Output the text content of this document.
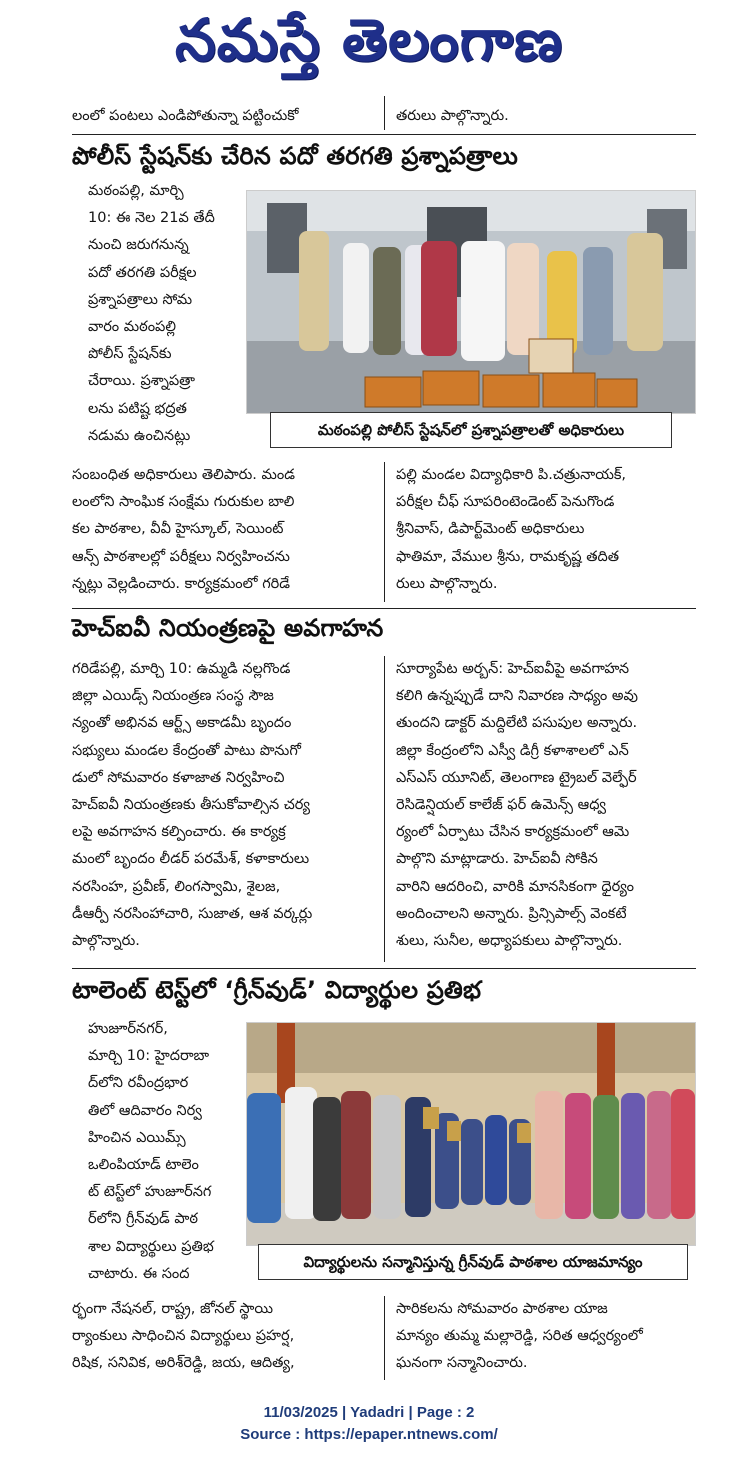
నమస్తే తెలంగాణ
లంలో పంటలు ఎండిపోతున్నా పట్టించుకో	తరులు పాల్గొన్నారు.
పోలీస్ స్టేషన్‌కు చేరిన పదో తరగతి ప్రశ్నాపత్రాలు
మఠంపల్లి, మార్చి
10: ఈ నెల 21వ తేదీ
నుంచి జరుగనున్న
పదో తరగతి పరీక్షల
ప్రశ్నాపత్రాలు సోమ
వారం మఠంపల్లి
పోలీస్ స్టేషన్‌కు
చేరాయి. ప్రశ్నాపత్రా
లను పటిష్ట భద్రత
నడుమ ఉంచినట్లు	మఠంపల్లి పోలీస్ స్టేషన్‌లో ప్రశ్నాపత్రాలతో అధికారులు
సంబంధిత అధికారులు తెలిపారు. మండ
లంలోని సాంఘిక సంక్షేమ గురుకుల బాలి
కల పాఠశాల, వీవీ హైస్కూల్, సెయింట్
ఆన్స్ పాఠశాలల్లో పరీక్షలు నిర్వహించను
న్నట్లు వెల్లడించారు. కార్యక్రమంలో గరిడే
పల్లి మండల విద్యాధికారి పి.చత్రునాయక్,
పరీక్షల చీఫ్ సూపరింటెండెంట్ పెనుగొండ
శ్రీనివాస్, డిపార్ట్‌మెంట్ అధికారులు
ఫాతిమా, వేముల శ్రీను, రామకృష్ణ తదిత
రులు పాల్గొన్నారు.
హెచ్‌ఐవీ నియంత్రణపై అవగాహన
గరిడేపల్లి, మార్చి 10: ఉమ్మడి నల్లగొండ
జిల్లా ఎయిడ్స్ నియంత్రణ సంస్థ సౌజ
న్యంతో అభినవ ఆర్ట్స్ అకాడమీ బృందం
సభ్యులు మండల కేంద్రంతో పాటు పొనుగో
డులో సోమవారం కళాజాత నిర్వహించి
హెచ్‌ఐవీ నియంత్రణకు తీసుకోవాల్సిన చర్య
లపై అవగాహన కల్పించారు. ఈ కార్యక్ర
మంలో బృందం లీడర్ పరమేశ్, కళాకారులు
నరసింహ, ప్రవీణ్, లింగస్వామి, శైలజ,
డీఆర్పీ నరసింహాచారి, సుజాత, ఆశ వర్కర్లు
పాల్గొన్నారు.
సూర్యాపేట అర్బన్: హెచ్‌ఐవీపై అవగాహన
కలిగి ఉన్నప్పుడే దాని నివారణ సాధ్యం అవు
తుందని డాక్టర్ మద్దిలేటి పసుపుల అన్నారు.
జిల్లా కేంద్రంలోని ఎస్వీ డిగ్రీ కళాశాలలో ఎన్
ఎస్ఎస్ యూనిట్, తెలంగాణ ట్రైబల్ వెల్ఫేర్
రెసిడెన్షియల్ కాలేజ్ ఫర్ ఉమెన్స్ ఆధ్వ
ర్యంలో ఏర్పాటు చేసిన కార్యక్రమంలో ఆమె
పాల్గొని మాట్లాడారు. హెచ్‌ఐవీ సోకిన
వారిని ఆదరించి, వారికి మానసికంగా ధైర్యం
అందించాలని అన్నారు. ప్రిన్సిపాల్స్ వెంకటే
శులు, సునీల, అధ్యాపకులు పాల్గొన్నారు.
టాలెంట్ టెస్ట్‌లో ‘గ్రీన్‌వుడ్’ విద్యార్థుల ప్రతిభ
హుజూర్‌నగర్,
మార్చి 10: హైదరాబా
ద్‌లోని రవీంద్రభార
తిలో ఆదివారం నిర్వ
హించిన ఎయిమ్స్
ఒలింపియాడ్ టాలెం
ట్ టెస్ట్‌లో హుజూర్‌నగ
ర్‌లోని గ్రీన్‌వుడ్ పాఠ
శాల విద్యార్థులు ప్రతిభ
చాటారు. ఈ సంద
విద్యార్థులను సన్మానిస్తున్న గ్రీన్‌వుడ్ పాఠశాల యాజమాన్యం
ర్భంగా నేషనల్, రాష్ట్ర, జోనల్ స్థాయి
ర్యాంకులు సాధించిన విద్యార్థులు ప్రహర్ష,
రిషిక, సనివిక, అరిశ్‌రెడ్డి, జయ, ఆదిత్య,
సారికలను సోమవారం పాఠశాల యాజ
మాన్యం తుమ్మ మల్లారెడ్డి, సరిత ఆధ్వర్యంలో
ఘనంగా సన్మానించారు.
11/03/2025 | Yadadri | Page : 2
Source : https://epaper.ntnews.com/
